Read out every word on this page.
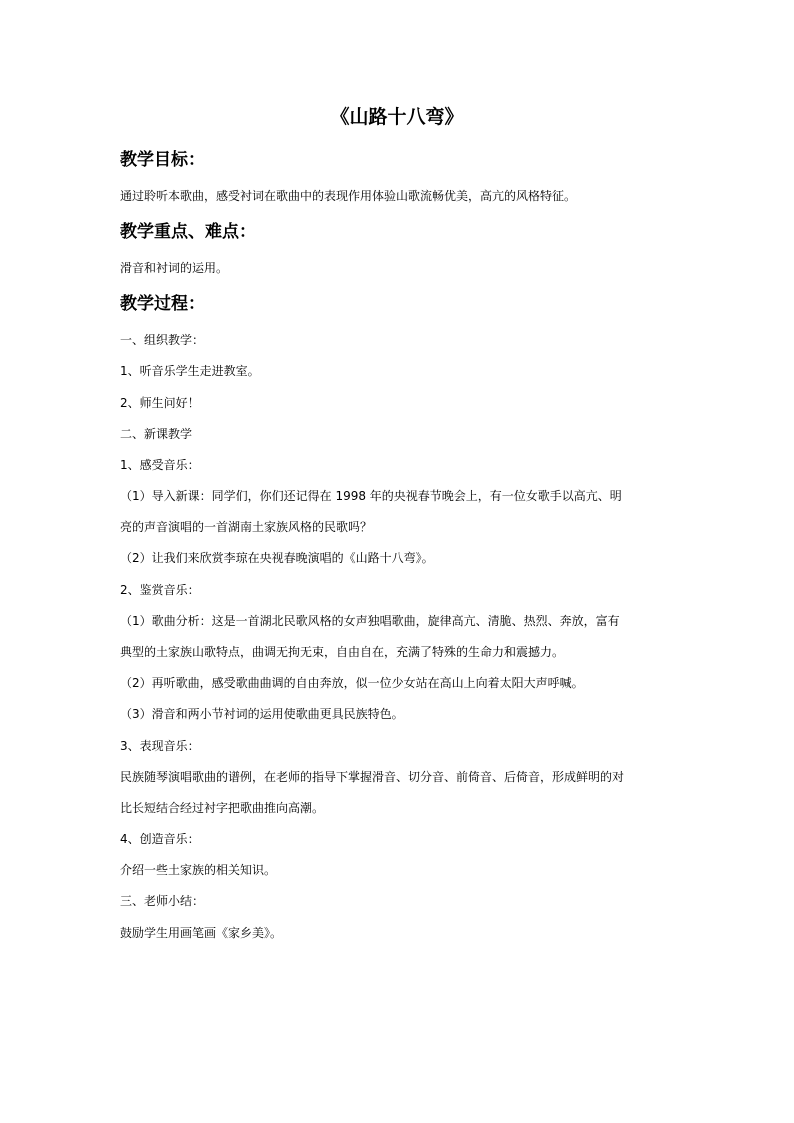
《山路十八弯》
教学目标：
通过聆听本歌曲，感受衬词在歌曲中的表现作用体验山歌流畅优美，高亢的风格特征。
教学重点、难点：
滑音和衬词的运用。
教学过程：
一、组织教学：
1、听音乐学生走进教室。
2、师生问好！
二、新课教学
1、感受音乐：
（1）导入新课：同学们，你们还记得在 1998 年的央视春节晚会上，有一位女歌手以高亢、明
亮的声音演唱的一首湖南土家族风格的民歌吗？
（2）让我们来欣赏李琼在央视春晚演唱的《山路十八弯》。
2、鉴赏音乐：
（1）歌曲分析：这是一首湖北民歌风格的女声独唱歌曲，旋律高亢、清脆、热烈、奔放，富有
典型的土家族山歌特点，曲调无拘无束，自由自在，充满了特殊的生命力和震撼力。
（2）再听歌曲，感受歌曲曲调的自由奔放，似一位少女站在高山上向着太阳大声呼喊。
（3）滑音和两小节衬词的运用使歌曲更具民族特色。
3、表现音乐：
民族随琴演唱歌曲的谱例，在老师的指导下掌握滑音、切分音、前倚音、后倚音，形成鲜明的对
比长短结合经过衬字把歌曲推向高潮。
4、创造音乐：
介绍一些土家族的相关知识。
三、老师小结：
鼓励学生用画笔画《家乡美》。
